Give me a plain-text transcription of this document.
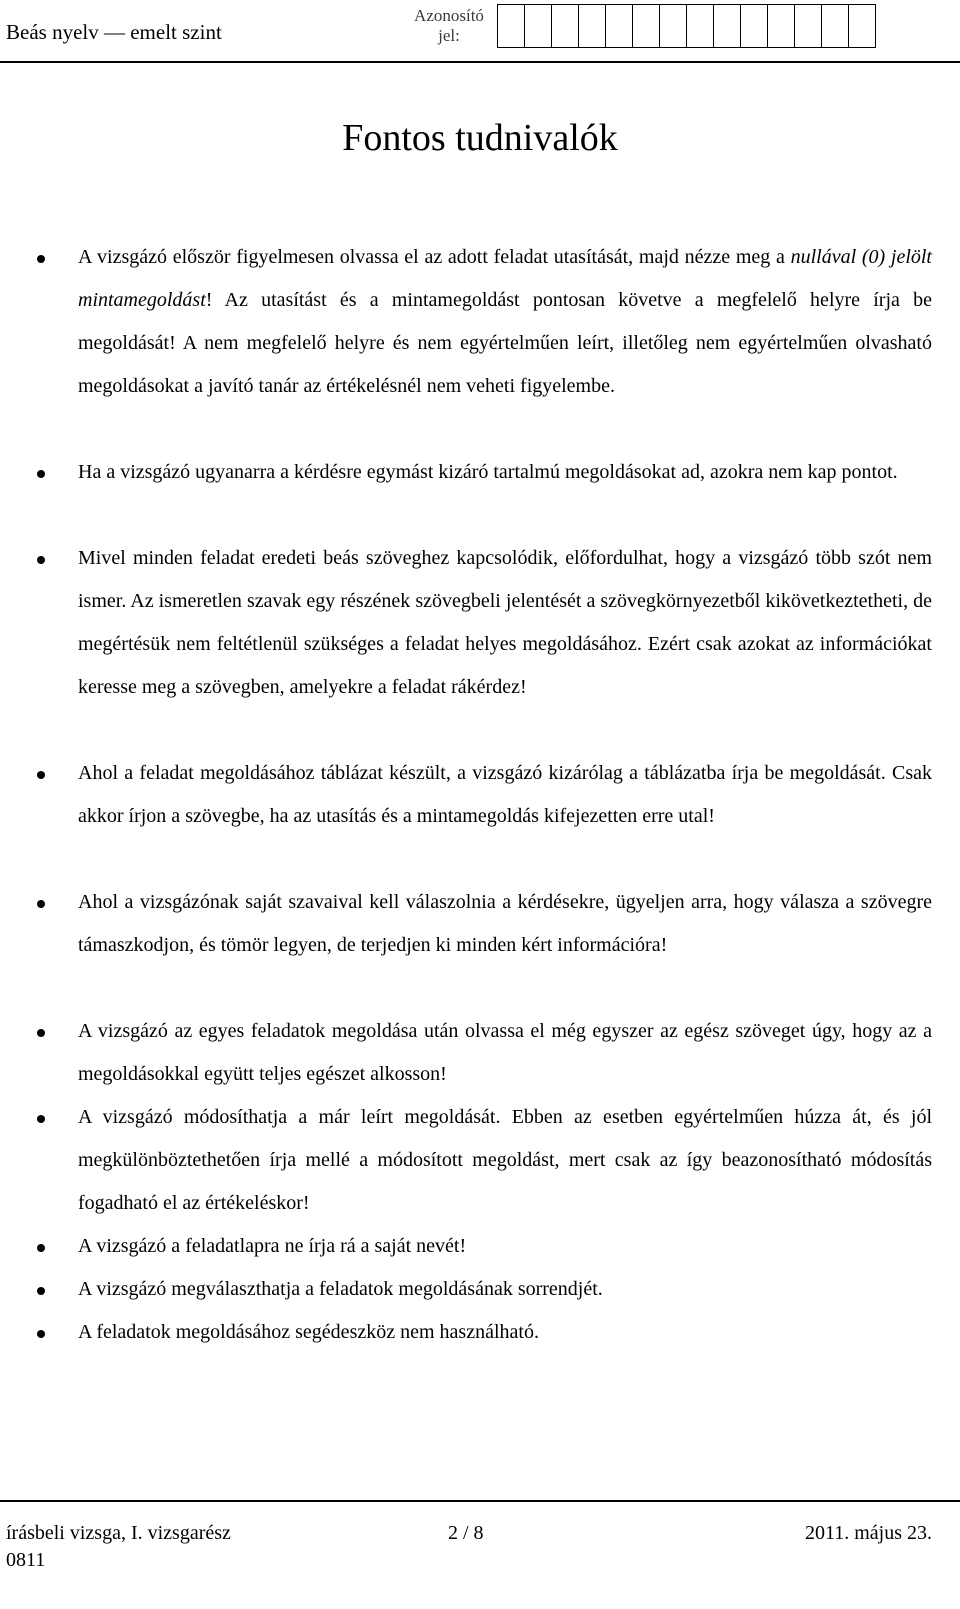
Beás nyelv — emelt szint
Azonosító
jel:
Fontos tudnivalók
A vizsgázó először figyelmesen olvassa el az adott feladat utasítását, majd nézze meg a nullával (0) jelölt mintamegoldást! Az utasítást és a mintamegoldást pontosan követve a megfelelő helyre írja be megoldását! A nem megfelelő helyre és nem egyértelműen leírt, illetőleg nem egyértelműen olvasható megoldásokat a javító tanár az értékelésnél nem veheti figyelembe.
Ha a vizsgázó ugyanarra a kérdésre egymást kizáró tartalmú megoldásokat ad, azokra nem kap pontot.
Mivel minden feladat eredeti beás szöveghez kapcsolódik, előfordulhat, hogy a vizsgázó több szót nem ismer. Az ismeretlen szavak egy részének szövegbeli jelentését a szövegkörnyezetből kikövetkeztetheti, de megértésük nem feltétlenül szükséges a feladat helyes megoldásához. Ezért csak azokat az információkat keresse meg a szövegben, amelyekre a feladat rákérdez!
Ahol a feladat megoldásához táblázat készült, a vizsgázó kizárólag a táblázatba írja be megoldását. Csak akkor írjon a szövegbe, ha az utasítás és a mintamegoldás kifejezetten erre utal!
Ahol a vizsgázónak saját szavaival kell válaszolnia a kérdésekre, ügyeljen arra, hogy válasza a szövegre támaszkodjon, és tömör legyen, de terjedjen ki minden kért információra!
A vizsgázó az egyes feladatok megoldása után olvassa el még egyszer az egész szöveget úgy, hogy az a megoldásokkal együtt teljes egészet alkosson!
A vizsgázó módosíthatja a már leírt megoldását. Ebben az esetben egyértelműen húzza át, és jól megkülönböztethetően írja mellé a módosított megoldást, mert csak az így beazonosítható módosítás fogadható el az értékeléskor!
A vizsgázó a feladatlapra ne írja rá a saját nevét!
A vizsgázó megválaszthatja a feladatok megoldásának sorrendjét.
A feladatok megoldásához segédeszköz nem használható.
írásbeli vizsga, I. vizsgarész	2 / 8	2011. május 23.
0811
